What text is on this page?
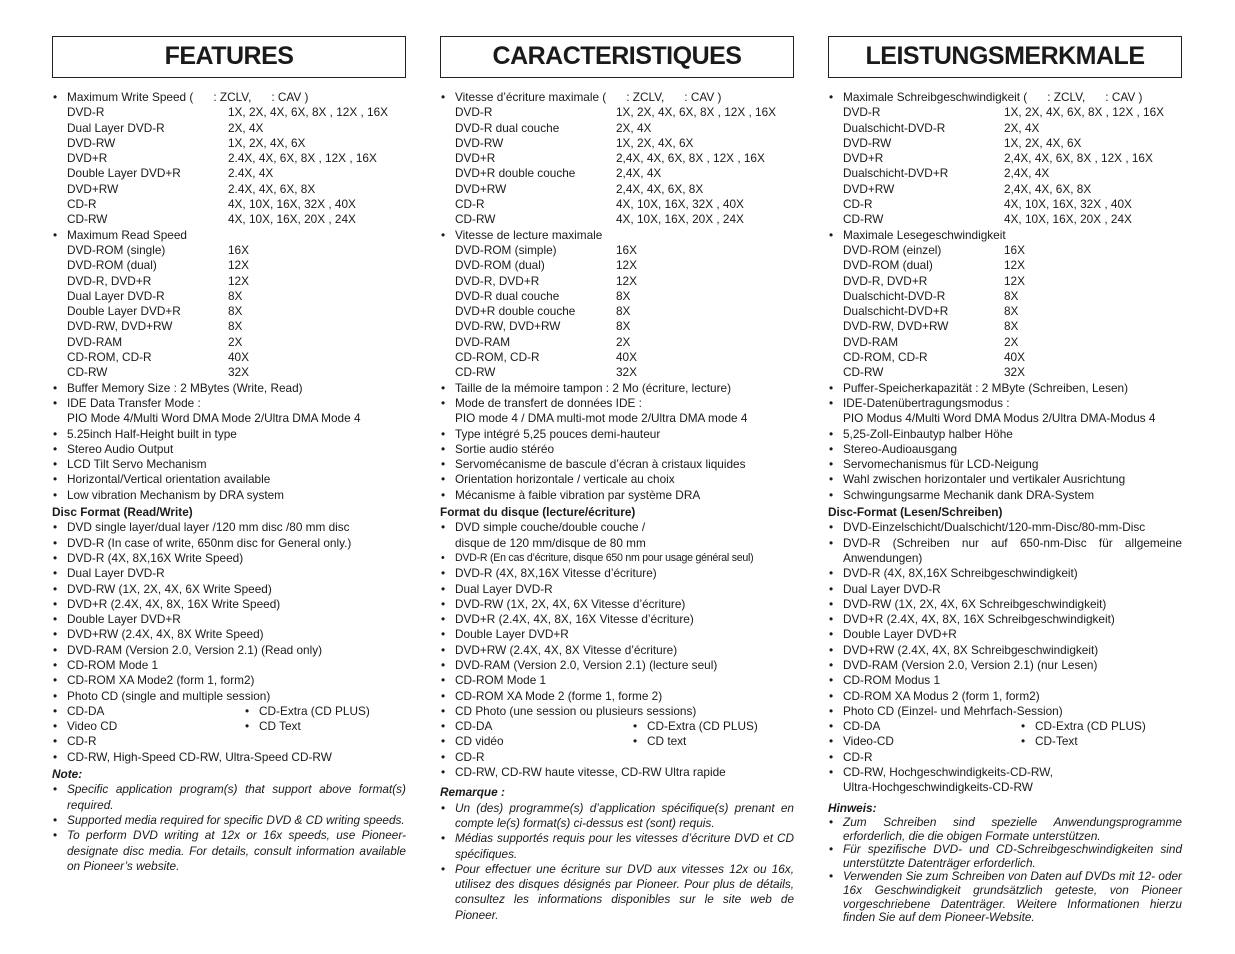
FEATURES
• Maximum Write Speed ( : ZCLV, : CAV )
DVD-R	1X, 2X, 4X, 6X, 8X , 12X , 16X
Dual Layer DVD-R	2X, 4X
DVD-RW	1X, 2X, 4X, 6X
DVD+R	2.4X, 4X, 6X, 8X , 12X , 16X
Double Layer DVD+R	2.4X, 4X
DVD+RW	2.4X, 4X, 6X, 8X
CD-R	4X, 10X, 16X, 32X , 40X
CD-RW	4X, 10X, 16X, 20X , 24X
• Maximum Read Speed
DVD-ROM (single)	16X
DVD-ROM (dual)	12X
DVD-R, DVD+R	12X
Dual Layer DVD-R	8X
Double Layer DVD+R	8X
DVD-RW, DVD+RW	8X
DVD-RAM	2X
CD-ROM, CD-R	40X
CD-RW	32X
• Buffer Memory Size : 2 MBytes (Write, Read)
• IDE Data Transfer Mode :
PIO Mode 4/Multi Word DMA Mode 2/Ultra DMA Mode 4
• 5.25inch Half-Height built in type
• Stereo Audio Output
• LCD Tilt Servo Mechanism
• Horizontal/Vertical orientation available
• Low vibration Mechanism by DRA system
Disc Format (Read/Write)
• DVD single layer/dual layer /120 mm disc /80 mm disc
• DVD-R (In case of write, 650nm disc for General only.)
• DVD-R (4X, 8X,16X Write Speed)
• Dual Layer DVD-R
• DVD-RW (1X, 2X, 4X, 6X Write Speed)
• DVD+R (2.4X, 4X, 8X, 16X Write Speed)
• Double Layer DVD+R
• DVD+RW (2.4X, 4X, 8X Write Speed)
• DVD-RAM (Version 2.0, Version 2.1) (Read only)
• CD-ROM Mode 1
• CD-ROM XA Mode2 (form 1, form2)
• Photo CD (single and multiple session)
• CD-DA	• CD-Extra (CD PLUS)
• Video CD	• CD Text
• CD-R
• CD-RW, High-Speed CD-RW, Ultra-Speed CD-RW
Note:
• Specific application program(s) that support above format(s) required.
• Supported media required for specific DVD & CD writing speeds.
• To perform DVD writing at 12x or 16x speeds, use Pioneer-designate disc media. For details, consult information available on Pioneer’s website.
CARACTERISTIQUES
• Vitesse d’écriture maximale ( : ZCLV, : CAV )
DVD-R	1X, 2X, 4X, 6X, 8X , 12X , 16X
DVD-R dual couche	2X, 4X
DVD-RW	1X, 2X, 4X, 6X
DVD+R	2,4X, 4X, 6X, 8X , 12X , 16X
DVD+R double couche	2,4X, 4X
DVD+RW	2,4X, 4X, 6X, 8X
CD-R	4X, 10X, 16X, 32X , 40X
CD-RW	4X, 10X, 16X, 20X , 24X
• Vitesse de lecture maximale
DVD-ROM (simple)	16X
DVD-ROM (dual)	12X
DVD-R, DVD+R	12X
DVD-R dual couche	8X
DVD+R double couche	8X
DVD-RW, DVD+RW	8X
DVD-RAM	2X
CD-ROM, CD-R	40X
CD-RW	32X
• Taille de la mémoire tampon : 2 Mo (écriture, lecture)
• Mode de transfert de données IDE :
PIO mode 4 / DMA multi-mot mode 2/Ultra DMA mode 4
• Type intégré 5,25 pouces demi-hauteur
• Sortie audio stéréo
• Servomécanisme de bascule d’écran à cristaux liquides
• Orientation horizontale / verticale au choix
• Mécanisme à faible vibration par système DRA
Format du disque (lecture/écriture)
• DVD simple couche/double couche /
disque de 120 mm/disque de 80 mm
• DVD-R (En cas d’écriture, disque 650 nm pour usage général seul)
• DVD-R (4X, 8X,16X Vitesse d’écriture)
• Dual Layer DVD-R
• DVD-RW (1X, 2X, 4X, 6X Vitesse d’écriture)
• DVD+R (2.4X, 4X, 8X, 16X Vitesse d’écriture)
• Double Layer DVD+R
• DVD+RW (2.4X, 4X, 8X Vitesse d’écriture)
• DVD-RAM (Version 2.0, Version 2.1) (lecture seul)
• CD-ROM Mode 1
• CD-ROM XA Mode 2 (forme 1, forme 2)
• CD Photo (une session ou plusieurs sessions)
• CD-DA	• CD-Extra (CD PLUS)
• CD vidéo	• CD text
• CD-R
• CD-RW, CD-RW haute vitesse, CD-RW Ultra rapide
Remarque :
• Un (des) programme(s) d’application spécifique(s) prenant en compte le(s) format(s) ci-dessus est (sont) requis.
• Médias supportés requis pour les vitesses d’écriture DVD et CD spécifiques.
• Pour effectuer une écriture sur DVD aux vitesses 12x ou 16x, utilisez des disques désignés par Pioneer. Pour plus de détails, consultez les informations disponibles sur le site web de Pioneer.
LEISTUNGSMERKMALE
• Maximale Schreibgeschwindigkeit ( : ZCLV, : CAV )
DVD-R	1X, 2X, 4X, 6X, 8X , 12X , 16X
Dualschicht-DVD-R	2X, 4X
DVD-RW	1X, 2X, 4X, 6X
DVD+R	2,4X, 4X, 6X, 8X , 12X , 16X
Dualschicht-DVD+R	2,4X, 4X
DVD+RW	2,4X, 4X, 6X, 8X
CD-R	4X, 10X, 16X, 32X , 40X
CD-RW	4X, 10X, 16X, 20X , 24X
• Maximale Lesegeschwindigkeit
DVD-ROM (einzel)	16X
DVD-ROM (dual)	12X
DVD-R, DVD+R	12X
Dualschicht-DVD-R	8X
Dualschicht-DVD+R	8X
DVD-RW, DVD+RW	8X
DVD-RAM	2X
CD-ROM, CD-R	40X
CD-RW	32X
• Puffer-Speicherkapazität : 2 MByte (Schreiben, Lesen)
• IDE-Datenübertragungsmodus :
PIO Modus 4/Multi Word DMA Modus 2/Ultra DMA-Modus 4
• 5,25-Zoll-Einbautyp halber Höhe
• Stereo-Audioausgang
• Servomechanismus für LCD-Neigung
• Wahl zwischen horizontaler und vertikaler Ausrichtung
• Schwingungsarme Mechanik dank DRA-System
Disc-Format (Lesen/Schreiben)
• DVD-Einzelschicht/Dualschicht/120-mm-Disc/80-mm-Disc
• DVD-R (Schreiben nur auf 650-nm-Disc für allgemeine Anwendungen)
• DVD-R (4X, 8X,16X Schreibgeschwindigkeit)
• Dual Layer DVD-R
• DVD-RW (1X, 2X, 4X, 6X Schreibgeschwindigkeit)
• DVD+R (2.4X, 4X, 8X, 16X Schreibgeschwindigkeit)
• Double Layer DVD+R
• DVD+RW (2.4X, 4X, 8X Schreibgeschwindigkeit)
• DVD-RAM (Version 2.0, Version 2.1) (nur Lesen)
• CD-ROM Modus 1
• CD-ROM XA Modus 2 (form 1, form2)
• Photo CD (Einzel- und Mehrfach-Session)
• CD-DA	• CD-Extra (CD PLUS)
• Video-CD	• CD-Text
• CD-R
• CD-RW, Hochgeschwindigkeits-CD-RW,
Ultra-Hochgeschwindigkeits-CD-RW
Hinweis:
• Zum Schreiben sind spezielle Anwendungsprogramme erforderlich, die die obigen Formate unterstützen.
• Für spezifische DVD- und CD-Schreibgeschwindigkeiten sind unterstützte Datenträger erforderlich.
• Verwenden Sie zum Schreiben von Daten auf DVDs mit 12- oder 16x Geschwindigkeit grundsätzlich geteste, von Pioneer vorgeschriebene Datenträger. Weitere Informationen hierzu finden Sie auf dem Pioneer-Website.
